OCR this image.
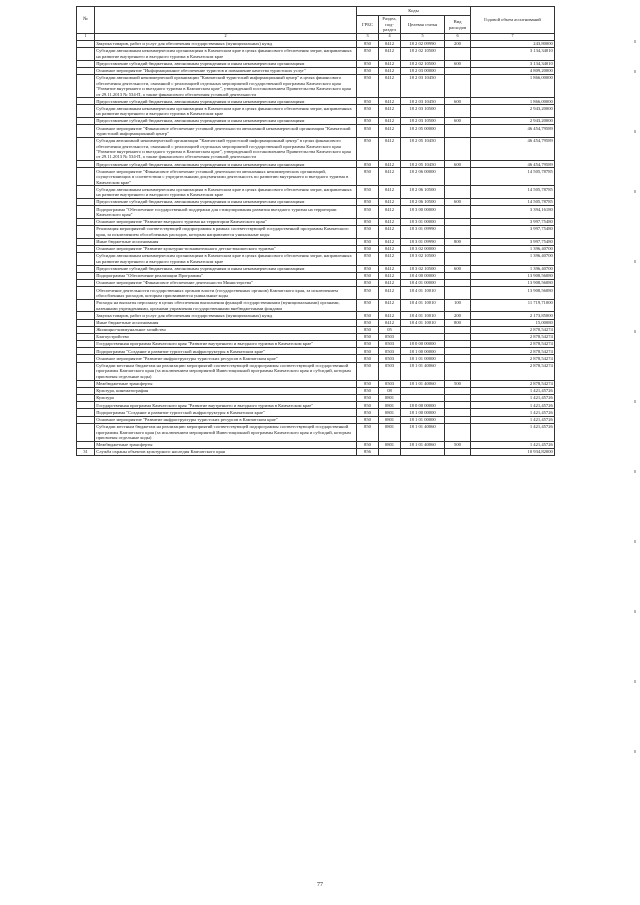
№		Коды				Годовой объем ассигнований
		ГРБС	Раздел, под-раздел	Целевая статья	Вид расходов	
1	2	3	4	5	6	7
	Закупка товаров, работ и услуг для обеспечения государственных (муниципальных) нужд	850	0412	18 2 02 09990	200	243,80000
	Субсидии автономным некоммерческим организациям в Камчатском крае в целях финансового обеспечения затрат, направленных на развитие внутреннего и въездного туризма в Камчатском крае	850	0412	18 2 02 10500		3 134,34010
	Предоставление субсидий бюджетным, автономным учреждениям и иным некоммерческим организациям	850	0412	18 2 02 10500	600	3 134,34010
	Основное мероприятие "Информационное обеспечение туристов и повышение качества туристских услуг"	850	0412	18 2 03 00000		4 809,20000
	Субсидии автономной некоммерческой организации "Камчатский туристский информационный центр" в целях финансового обеспечения деятельности, связанной с реализацией отдельных мероприятий государственной программы Камчатского края "Развитие внутреннего и въездного туризма в Камчатском крае", утвержденной постановлением Правительства Камчатского края от 29.11.2013 № 534-П, а также финансового обеспечения уставной деятельности	850	0412	18 2 03 10450		1 866,00000
	Предоставление субсидий бюджетным, автономным учреждениям и иным некоммерческим организациям	850	0412	18 2 03 10450	600	1 866,00000
	Субсидии автономным некоммерческим организациям в Камчатском крае в целях финансового обеспечения затрат, направленных на развитие внутреннего и въездного туризма в Камчатском крае	850	0412	18 2 03 10500		2 943,20000
	Предоставление субсидий бюджетным, автономным учреждениям и иным некоммерческим организациям	850	0412	18 2 03 10500	600	2 943,20000
	Основное мероприятие "Финансовое обеспечение уставной деятельности автономной некоммерческой организации "Камчатский туристский информационный центр"	850	0412	18 2 05 00000		46 454,79589
	Субсидия автономной некоммерческой организации "Камчатский туристский информационный центр" в целях финансового обеспечения деятельности, связанной с реализацией отдельных мероприятий государственной программы Камчатского края "Развитие внутреннего и въездного туризма в Камчатском крае", утвержденной постановлением Правительства Камчатского края от 29.11.2013 № 534-П, а также финансового обеспечения уставной деятельности	850	0412	18 2 05 10450		46 454,79589
	Предоставление субсидий бюджетным, автономным учреждениям и иным некоммерческим организациям	850	0412	18 2 05 10450	600	46 454,79589
	Основное мероприятие "Финансовое обеспечение уставной деятельности автономных некоммерческих организаций, осуществляющих в соответствии с учредительными документами деятельность по развитию внутреннего и въездного туризма в Камчатском крае"	850	0412	18 2 06 00000		14 505,78785
	Субсидии автономным некоммерческим организациям в Камчатском крае в целях финансового обеспечения затрат, направленных на развитие внутреннего и въездного туризма в Камчатском крае	850	0412	18 2 06 10500		14 505,78785
	Предоставление субсидий бюджетным, автономным учреждениям и иным некоммерческим организациям	850	0412	18 2 06 10500	600	14 505,78785
	Подпрограмма "Обеспечение государственной поддержки для стимулирования развития въездного туризма на территории Камчатского края"	850	0412	18 3 00 00000		3 394,16180
	Основное мероприятие "Развитие въездного туризма на территории Камчатского края"	850	0412	18 3 01 00000		3 997,75480
	Реализация мероприятий соответствующей подпрограммы в рамках соответствующей государственной программы Камчатского края, за исключением обособленных расходов, которым направляются уникальные коды	850	0412	18 3 01 09990		3 997,75480
	Иные бюджетные ассигнования	850	0412	18 3 01 09990	800	3 997,75480
	Основное мероприятие "Развитие культурно-познавательного детско-юношеского туризма"	850	0412	18 3 02 00000		1 396,40700
	Субсидии автономным некоммерческим организациям в Камчатском крае в целях финансового обеспечения затрат, направленных на развитие внутреннего и въездного туризма в Камчатском крае	850	0412	18 3 02 10500		1 396,40700
	Предоставление субсидий бюджетным, автономным учреждениям и иным некоммерческим организациям	850	0412	18 3 02 10500	600	1 396,40700
	Подпрограмма "Обеспечение реализации Программы"	850	0412	18 4 00 00000		13 908,56080
	Основное мероприятие "Финансовое обеспечение деятельности Министерства"	850	0412	18 4 01 00000		13 908,56080
	Обеспечение деятельности государственных органов власти (государственных органов) Камчатского края, за исключением обособленных расходов, которым присваиваются уникальные коды	850	0412	18 4 01 10010		13 908,56080
	Расходы на выплаты персоналу в целях обеспечения выполнения функций государственными (муниципальными) органами, казенными учреждениями, органами управления государственными внебюджетными фондами	850	0412	18 4 01 10010	100	11 719,71000
	Закупка товаров, работ и услуг для обеспечения государственных (муниципальных) нужд	850	0412	18 4 01 10010	200	2 173,85000
	Иные бюджетные ассигнования	850	0412	18 4 01 10010	800	15,00080
	Жилищно-коммунальное хозяйство	850	05			2 878,54274
	Благоустройство	850	0503			2 878,54274
	Государственная программа Камчатского края "Развитие внутреннего и въездного туризма в Камчатском крае"	850	0503	18 0 00 00000		2 878,54274
	Подпрограмма "Создание и развитие туристской инфраструктуры в Камчатском крае"	850	0503	18 1 00 00000		2 878,54274
	Основное мероприятие "Развитие инфраструктуры туристских ресурсов в Камчатском крае"	850	0503	18 1 01 00000		2 878,54274
	Субсидии местным бюджетам на реализацию мероприятий соответствующей подпрограммы соответствующей государственной программы Камчатского края (за исключением мероприятий Инвестиционной программы Камчатского края и субсидий, которым присвоены отдельные коды)	850	0503	18 1 01 40060		2 878,54274
	Межбюджетные трансферты	850	0503	18 1 01 40060	500	2 878,54274
	Культура, кинематография	850	08			1 421,45726
	Культура	850	0801			1 421,45726
	Государственная программа Камчатского края "Развитие внутреннего и въездного туризма в Камчатском крае"	850	0801	18 0 00 00000		1 421,45726
	Подпрограмма "Создание и развитие туристской инфраструктуры в Камчатском крае"	850	0801	18 1 00 00000		1 421,45726
	Основное мероприятие "Развитие инфраструктуры туристских ресурсов в Камчатском крае"	850	0801	18 1 01 00000		1 421,45726
	Субсидии местным бюджетам на реализацию мероприятий соответствующей подпрограммы соответствующей государственной программы Камчатского края (за исключением мероприятий Инвестиционной программы Камчатского края и субсидий, которым присвоены отдельные коды)	850	0801	18 1 01 40060		1 421,45726
	Межбюджетные трансферты	850	0801	18 1 01 40060	500	1 421,45726
31	Служба охраны объектов культурного наследия Камчатского края	856				10 934,82000
77
